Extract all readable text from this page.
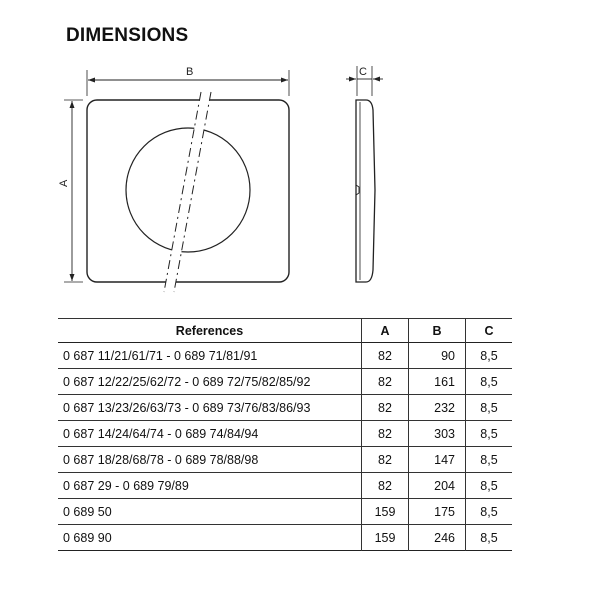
DIMENSIONS
B
A
C
References	A	B	C
0 687 11/21/61/71 - 0 689 71/81/91	82	90	8,5
0 687 12/22/25/62/72 - 0 689 72/75/82/85/92	82	161	8,5
0 687 13/23/26/63/73 - 0 689 73/76/83/86/93	82	232	8,5
0 687 14/24/64/74 - 0 689 74/84/94	82	303	8,5
0 687 18/28/68/78 - 0 689 78/88/98	82	147	8,5
0 687 29 - 0 689 79/89	82	204	8,5
0 689 50	159	175	8,5
0 689 90	159	246	8,5
